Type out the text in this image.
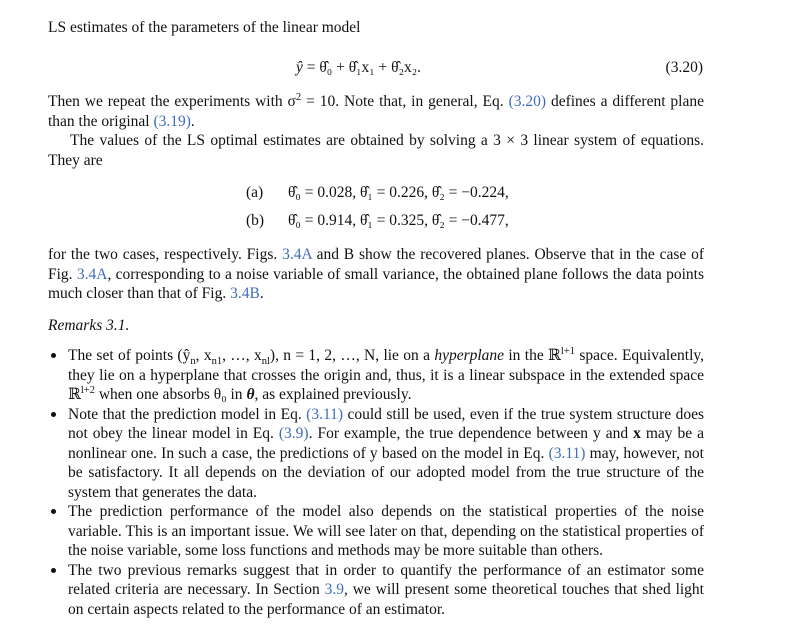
LS estimates of the parameters of the linear model

ŷ = θ̂₀ + θ̂₁x₁ + θ̂₂x₂.	(3.20)

Then we repeat the experiments with $\sigma^2 = 10$. Note that, in general, Eq. (3.20) defines a different plane than the original (3.19).

The values of the LS optimal estimates are obtained by solving a 3 × 3 linear system of equations. They are

(a) θ̂₀ = 0.028, θ̂₁ = 0.226, θ̂₂ = −0.224,
(b) θ̂₀ = 0.914, θ̂₁ = 0.325, θ̂₂ = −0.477,

for the two cases, respectively. Figs. 3.4A and B show the recovered planes. Observe that in the case of Fig. 3.4A, corresponding to a noise variable of small variance, the obtained plane follows the data points much closer than that of Fig. 3.4B.

Remarks 3.1.

The set of points ($ŷ_n$, $x_{n1}$, …, $x_{nl}$), n = 1, 2, …, N, lie on a hyperplane in the ℝ$^{l+1}$ space. Equivalently, they lie on a hyperplane that crosses the origin and, thus, it is a linear subspace in the extended space ℝ$^{l+2}$ when one absorbs θ₀ in θ, as explained previously.
Note that the prediction model in Eq. (3.11) could still be used, even if the true system structure does not obey the linear model in Eq. (3.9). For example, the true dependence between y and x may be a nonlinear one. In such a case, the predictions of y based on the model in Eq. (3.11) may, however, not be satisfactory. It all depends on the deviation of our adopted model from the true structure of the system that generates the data.
The prediction performance of the model also depends on the statistical properties of the noise variable. This is an important issue. We will see later on that, depending on the statistical properties of the noise variable, some loss functions and methods may be more suitable than others.
The two previous remarks suggest that in order to quantify the performance of an estimator some related criteria are necessary. In Section 3.9, we will present some theoretical touches that shed light on certain aspects related to the performance of an estimator.
